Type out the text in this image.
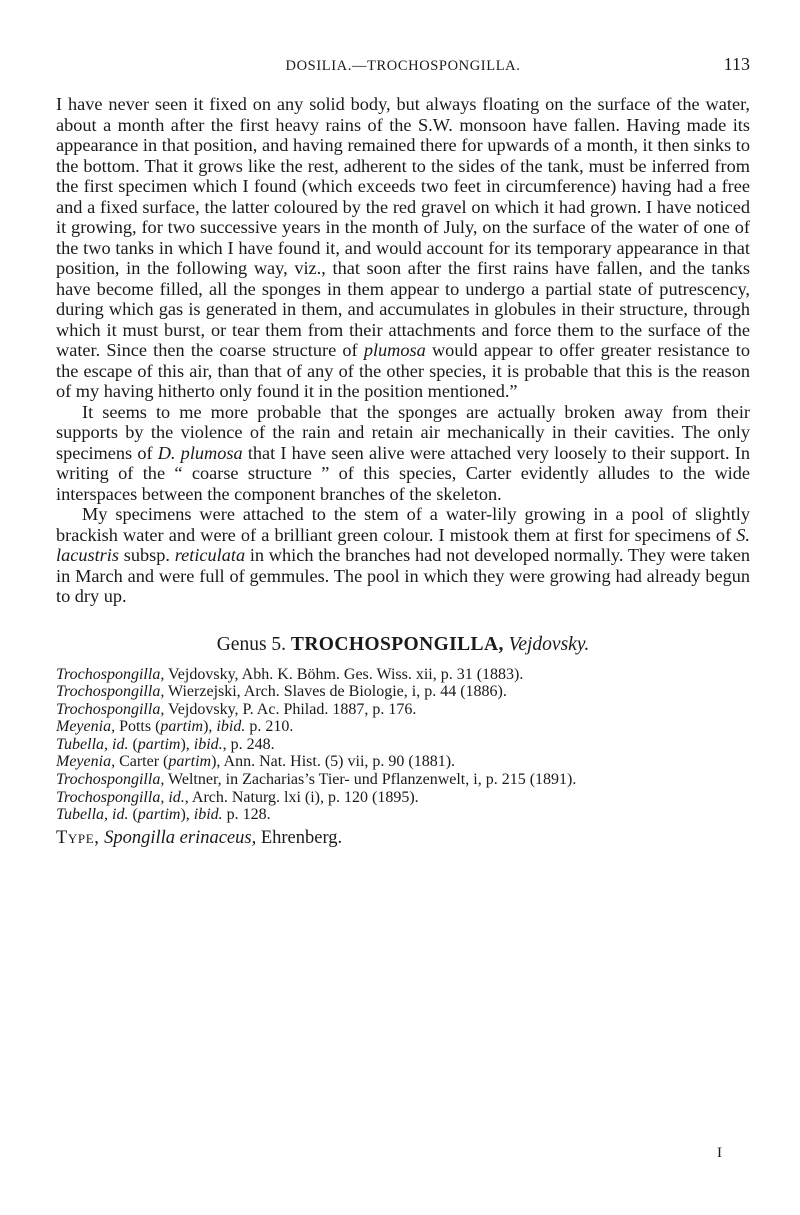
DOSILIA.—TROCHOSPONGILLA.	113

I have never seen it fixed on any solid body, but always floating on the surface of the water, about a month after the first heavy rains of the S.W. monsoon have fallen. Having made its appearance in that position, and having remained there for upwards of a month, it then sinks to the bottom. That it grows like the rest, adherent to the sides of the tank, must be inferred from the first specimen which I found (which exceeds two feet in circumference) having had a free and a fixed surface, the latter coloured by the red gravel on which it had grown. I have noticed it growing, for two successive years in the month of July, on the surface of the water of one of the two tanks in which I have found it, and would account for its temporary appearance in that position, in the following way, viz., that soon after the first rains have fallen, and the tanks have become filled, all the sponges in them appear to undergo a partial state of putrescency, during which gas is generated in them, and accumulates in globules in their structure, through which it must burst, or tear them from their attachments and force them to the surface of the water. Since then the coarse structure of plumosa would appear to offer greater resistance to the escape of this air, than that of any of the other species, it is probable that this is the reason of my having hitherto only found it in the position mentioned.”

It seems to me more probable that the sponges are actually broken away from their supports by the violence of the rain and retain air mechanically in their cavities. The only specimens of D. plumosa that I have seen alive were attached very loosely to their support. In writing of the “ coarse structure ” of this species, Carter evidently alludes to the wide interspaces between the component branches of the skeleton.

My specimens were attached to the stem of a water-lily growing in a pool of slightly brackish water and were of a brilliant green colour. I mistook them at first for specimens of S. lacustris subsp. reticulata in which the branches had not developed normally. They were taken in March and were full of gemmules. The pool in which they were growing had already begun to dry up.

Genus 5. TROCHOSPONGILLA, Vejdovsky.
Trochospongilla, Vejdovsky, Abh. K. Böhm. Ges. Wiss. xii, p. 31 (1883).
Trochospongilla, Wierzejski, Arch. Slaves de Biologie, i, p. 44 (1886).
Trochospongilla, Vejdovsky, P. Ac. Philad. 1887, p. 176.
Meyenia, Potts (partim), ibid. p. 210.
Tubella, id. (partim), ibid., p. 248.
Meyenia, Carter (partim), Ann. Nat. Hist. (5) vii, p. 90 (1881).
Trochospongilla, Weltner, in Zacharias’s Tier- und Pflanzenwelt, i, p. 215 (1891).
Trochospongilla, id., Arch. Naturg. lxi (i), p. 120 (1895).
Tubella, id. (partim), ibid. p. 128.
Type, Spongilla erinaceus, Ehrenberg.
I
